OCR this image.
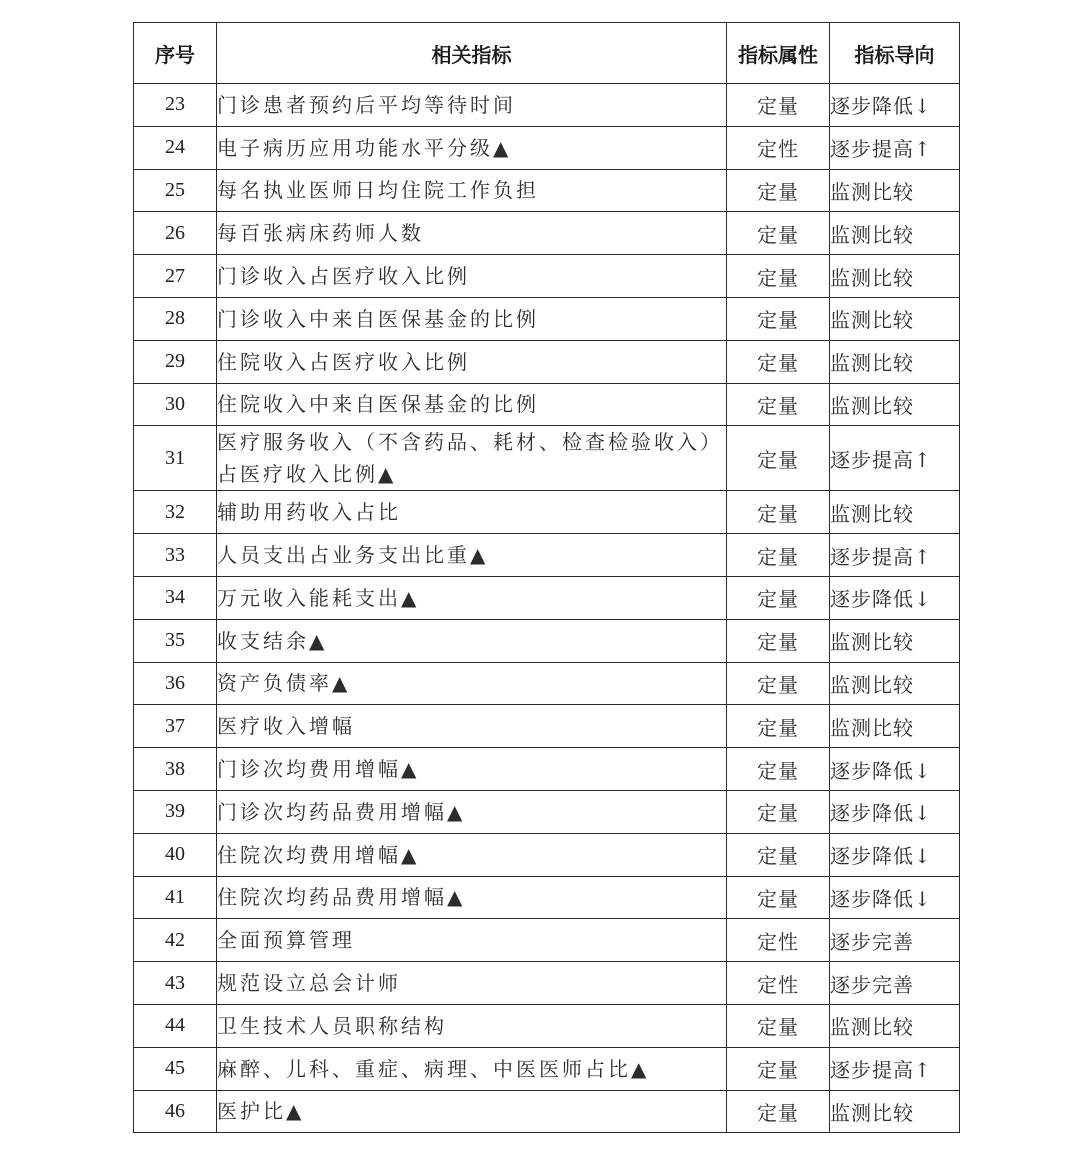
序号	相关指标	指标属性	指标导向
23	门诊患者预约后平均等待时间	定量	逐步降低↓
24	电子病历应用功能水平分级▲	定性	逐步提高↑
25	每名执业医师日均住院工作负担	定量	监测比较
26	每百张病床药师人数	定量	监测比较
27	门诊收入占医疗收入比例	定量	监测比较
28	门诊收入中来自医保基金的比例	定量	监测比较
29	住院收入占医疗收入比例	定量	监测比较
30	住院收入中来自医保基金的比例	定量	监测比较
31	医疗服务收入（不含药品、耗材、检查检验收入）占医疗收入比例▲	定量	逐步提高↑
32	辅助用药收入占比	定量	监测比较
33	人员支出占业务支出比重▲	定量	逐步提高↑
34	万元收入能耗支出▲	定量	逐步降低↓
35	收支结余▲	定量	监测比较
36	资产负债率▲	定量	监测比较
37	医疗收入增幅	定量	监测比较
38	门诊次均费用增幅▲	定量	逐步降低↓
39	门诊次均药品费用增幅▲	定量	逐步降低↓
40	住院次均费用增幅▲	定量	逐步降低↓
41	住院次均药品费用增幅▲	定量	逐步降低↓
42	全面预算管理	定性	逐步完善
43	规范设立总会计师	定性	逐步完善
44	卫生技术人员职称结构	定量	监测比较
45	麻醉、儿科、重症、病理、中医医师占比▲	定量	逐步提高↑
46	医护比▲	定量	监测比较
